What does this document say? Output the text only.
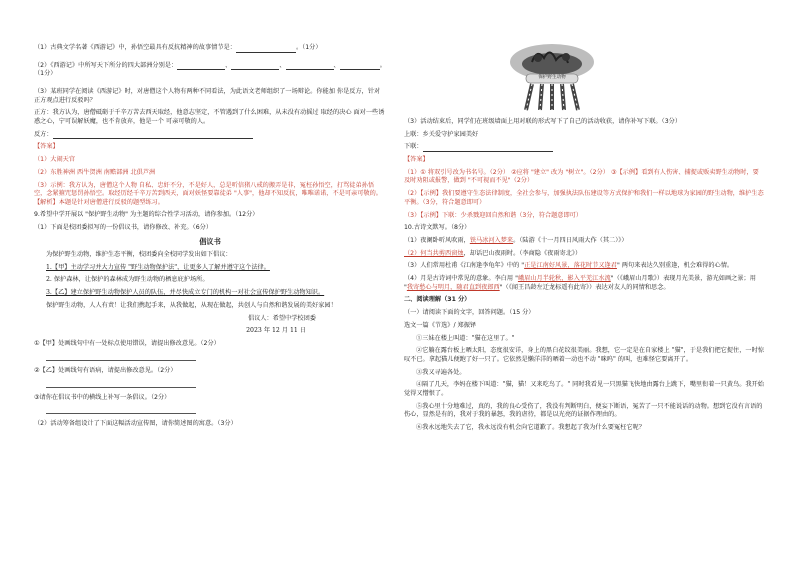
（1）古典文学名著《西游记》中，孙悟空最具有反抗精神的故事情节是：	。（1分）

（2）《西游记》中所写天下所分的四大部洲分别是：	、	、	、	。（1分）

（3）某班同学在阅读《西游记》时，对唐僧这个人物有两种不同看法，为此语文老师组织了一场辩论。你能加 你是反方，针对正方观点进行反驳吗？

正方：我方认为，唐僧砥砺于千辛万苦去西天取经，他意志坚定，不管遇到了什么困难，从未没有动摇过 取经的决心 面对一些诱惑之心，宁可误解妖魔，也不肯放弃，他是一个 可亲可敬的人。

反方：

【答案】

（1）大闹天宫

（2）东胜神洲 西牛贺洲 南赡部洲 北俱芦洲

（3）示例：我方认为，唐僧这个人物 自私、忠奸不分，不是好人，总是听信猪八戒的搬弄是非，冤枉孙悟空，打骂徒弟孙悟空，念紧箍咒惩罚孙悟空。取经历经千辛万苦到西天，面对妖怪要靠徒弟 "人事"，他却不知反抗，唯唯诺诺，不是可亲可敬的。 【解析】本题是针对唐僧进行反驳的题型练习。

9.希望中学开展以 "保护野生动物" 为主题的综合性学习活动，请你参加。（12分）

（1）下面是校团委拟写的一份倡议书，请你修改、补充。（6分）

倡议书

为保护野生动物，维护生态平衡，校团委向全校同学发出如下倡议：

1.【甲】主动学习并大力宣传 "野生动物保护法"，让更多人了解并遵守这个法律。

2. 保护森林，让保护的森林成为野生动物的栖息庇护场所。

3.【乙】建立保护野生动物保护人员的队伍，并尽快成立专门的机构一对社会宣传保护野生动物知识。

保护野生动物，人人有责！让我们携起手来，从我做起，从现在做起，共创人与自然和谐发展的美好家园！

倡议人：希望中学校团委

2023 年 12 月 11 日

①【甲】处画线句中有一处标点使用错误，请提出修改意见。（2分）

②【乙】处画线句有语病，请提出修改意见。（2分）

③请你在倡议书中的横线上补写一条倡议。（2分）

（2）活动筹备组设计了下面这幅活动宣传图，请你简述图的寓意。（3分）

保护野生动物

（3）活动结束后，同学们在班级墙面上用对联的形式写下了自己的活动收获，请你补写下联。（3分）

上联：乡关爱守护家园美好

下联：

【答案】

（1）① 将双引号改为书名号。（2分） ②应将 "建立" 改为 "树立"。（2分） ③【示例】看到有人伤害、捕捉或贩卖野生动物时，要及时劝阻或报警，做到 "不可视而不见"（2分）

（2）【示例】我们要遵守生态法律制度，全社会参与，加强执法队伍建设等方式保护和我们一样以地球为家园的野生动物，维护生态平衡。（3分，符合题意即可）

（3）【示例】下联：少杀戮迎回自然和谐（3分，符合题意即可）

10.古诗文默写。（8分）

（1）夜阑卧听风吹雨，铁马冰河入梦来。（陆游《十一月四日风雨大作（其二）》）

（2）何当共剪西窗烛，却话巴山夜雨时。（李商隐《夜雨寄北》）

（3）人们常用杜甫《江南逢李龟年》中的 "正是江南好风景，落花时节又逢君" 两句来表达久别重逢，机会难得的心情。

（4）月是古诗词中常见的意象。李白用 "峨眉山月半轮秋，影入平羌江水流"（《峨眉山月歌》）表现月光美景，游光如画之景；用 "我寄愁心与明月，随君直到夜郎西"（《闻王昌龄左迁龙标遥有此寄》）表达对友人的同情和思念。

二、阅读理解（31 分）

（一）请阅读下面的文字，回答问题。（15 分）

选文一篇《节选》/ 郑振铎

①三妹在楼上叫道："猫在这里了。"

②它躺在露台板上晒太阳，态度很安详，身上的黑白花纹很美丽。我想，它一定是在自家楼上 "猫"，于是我们把它捉住，一时惊叹不已。拿起猫儿便跑了好一只了。它依然是懒洋洋的晒着一动也不动 "咪呜" 的叫，也难怪它要离开了。

③我又寻遍各处。

④隔了几天，李妈在楼下叫道："猫，猫！又来吃鸟了。" 同时我看见一只黑猫飞快地由露台上跳下，嘴里衔着一只黄鸟。我开始觉得又憎恨了。

⑤我心里十分地难过，真的，我的良心受伤了，我没有判断明白，便妄下断语，冤苦了一只不能说话的动物。想到它没有言语的伤心，显然是有的，我对于我的暴怒，我的虐待，都是以光亮的证据作理由的。

⑥我永远地失去了它，我永远没有机会向它道歉了。我想起了我为什么要冤枉它呢？
